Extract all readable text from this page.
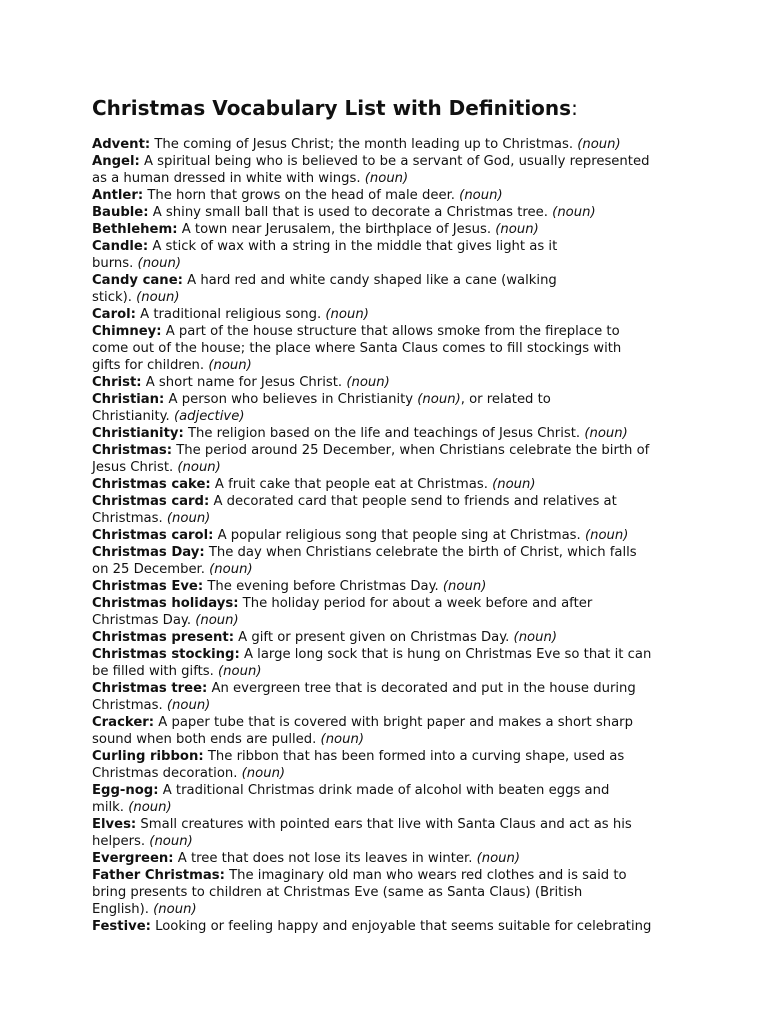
Christmas Vocabulary List with Definitions:
Advent: The coming of Jesus Christ; the month leading up to Christmas. (noun)
Angel: A spiritual being who is believed to be a servant of God, usually represented
as a human dressed in white with wings. (noun)
Antler: The horn that grows on the head of male deer. (noun)
Bauble: A shiny small ball that is used to decorate a Christmas tree. (noun)
Bethlehem: A town near Jerusalem, the birthplace of Jesus. (noun)
Candle: A stick of wax with a string in the middle that gives light as it
burns. (noun)
Candy cane: A hard red and white candy shaped like a cane (walking
stick). (noun)
Carol: A traditional religious song. (noun)
Chimney: A part of the house structure that allows smoke from the fireplace to
come out of the house; the place where Santa Claus comes to fill stockings with
gifts for children. (noun)
Christ: A short name for Jesus Christ. (noun)
Christian: A person who believes in Christianity (noun), or related to
Christianity. (adjective)
Christianity: The religion based on the life and teachings of Jesus Christ. (noun)
Christmas: The period around 25 December, when Christians celebrate the birth of
Jesus Christ. (noun)
Christmas cake: A fruit cake that people eat at Christmas. (noun)
Christmas card: A decorated card that people send to friends and relatives at
Christmas. (noun)
Christmas carol: A popular religious song that people sing at Christmas. (noun)
Christmas Day: The day when Christians celebrate the birth of Christ, which falls
on 25 December. (noun)
Christmas Eve: The evening before Christmas Day. (noun)
Christmas holidays: The holiday period for about a week before and after
Christmas Day. (noun)
Christmas present: A gift or present given on Christmas Day. (noun)
Christmas stocking: A large long sock that is hung on Christmas Eve so that it can
be filled with gifts. (noun)
Christmas tree: An evergreen tree that is decorated and put in the house during
Christmas. (noun)
Cracker: A paper tube that is covered with bright paper and makes a short sharp
sound when both ends are pulled. (noun)
Curling ribbon: The ribbon that has been formed into a curving shape, used as
Christmas decoration. (noun)
Egg-nog: A traditional Christmas drink made of alcohol with beaten eggs and
milk. (noun)
Elves: Small creatures with pointed ears that live with Santa Claus and act as his
helpers. (noun)
Evergreen: A tree that does not lose its leaves in winter. (noun)
Father Christmas: The imaginary old man who wears red clothes and is said to
bring presents to children at Christmas Eve (same as Santa Claus) (British
English). (noun)
Festive: Looking or feeling happy and enjoyable that seems suitable for celebrating
